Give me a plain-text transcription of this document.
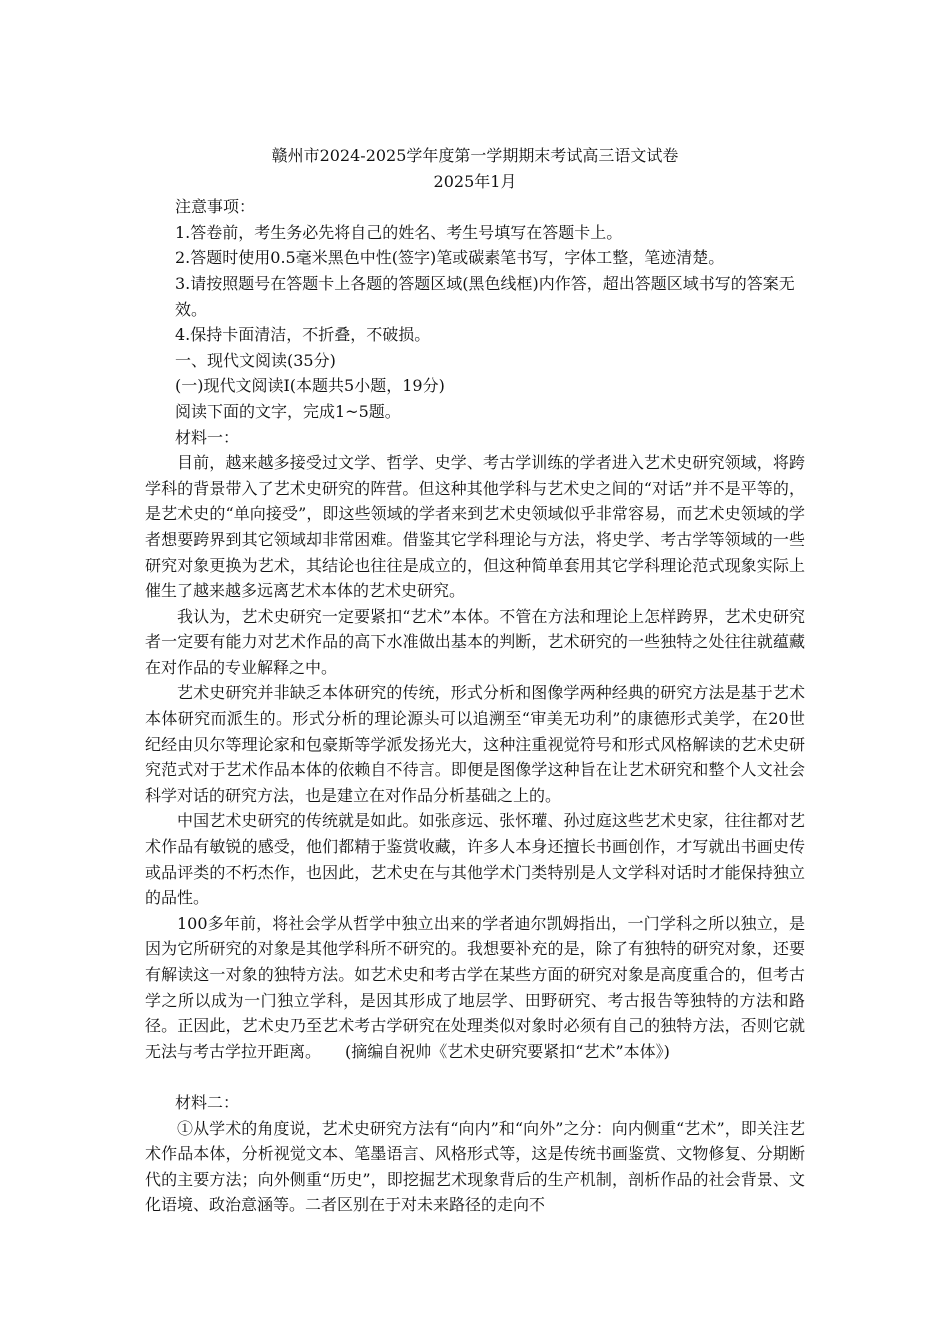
赣州市2024-2025学年度第一学期期末考试高三语文试卷

2025年1月

注意事项：

1.答卷前，考生务必先将自己的姓名、考生号填写在答题卡上。

2.答题时使用0.5毫米黑色中性(签字)笔或碳素笔书写，字体工整，笔迹清楚。

3.请按照题号在答题卡上各题的答题区域(黑色线框)内作答，超出答题区域书写的答案无效。

4.保持卡面清洁，不折叠，不破损。

一、现代文阅读(35分)

(一)现代文阅读Ⅰ(本题共5小题，19分)

阅读下面的文字，完成1~5题。

材料一：

目前，越来越多接受过文学、哲学、史学、考古学训练的学者进入艺术史研究领域，将跨学科的背景带入了艺术史研究的阵营。但这种其他学科与艺术史之间的“对话”并不是平等的，是艺术史的“单向接受”，即这些领域的学者来到艺术史领域似乎非常容易，而艺术史领域的学者想要跨界到其它领域却非常困难。借鉴其它学科理论与方法，将史学、考古学等领域的一些研究对象更换为艺术，其结论也往往是成立的，但这种简单套用其它学科理论范式现象实际上催生了越来越多远离艺术本体的艺术史研究。

我认为，艺术史研究一定要紧扣“艺术”本体。不管在方法和理论上怎样跨界，艺术史研究者一定要有能力对艺术作品的高下水准做出基本的判断，艺术研究的一些独特之处往往就蕴藏在对作品的专业解释之中。

艺术史研究并非缺乏本体研究的传统，形式分析和图像学两种经典的研究方法是基于艺术本体研究而派生的。形式分析的理论源头可以追溯至“审美无功利”的康德形式美学，在20世纪经由贝尔等理论家和包豪斯等学派发扬光大，这种注重视觉符号和形式风格解读的艺术史研究范式对于艺术作品本体的依赖自不待言。即便是图像学这种旨在让艺术研究和整个人文社会科学对话的研究方法，也是建立在对作品分析基础之上的。

中国艺术史研究的传统就是如此。如张彦远、张怀瓘、孙过庭这些艺术史家，往往都对艺术作品有敏锐的感受，他们都精于鉴赏收藏，许多人本身还擅长书画创作，才写就出书画史传或品评类的不朽杰作，也因此，艺术史在与其他学术门类特别是人文学科对话时才能保持独立的品性。

100多年前，将社会学从哲学中独立出来的学者迪尔凯姆指出，一门学科之所以独立，是因为它所研究的对象是其他学科所不研究的。我想要补充的是，除了有独特的研究对象，还要有解读这一对象的独特方法。如艺术史和考古学在某些方面的研究对象是高度重合的，但考古学之所以成为一门独立学科，是因其形成了地层学、田野研究、考古报告等独特的方法和路径。正因此，艺术史乃至艺术考古学研究在处理类似对象时必须有自己的独特方法，否则它就无法与考古学拉开距离。　　 (摘编自祝帅《艺术史研究要紧扣“艺术”本体》)

材料二：

①从学术的角度说，艺术史研究方法有“向内”和“向外”之分：向内侧重“艺术”，即关注艺术作品本体，分析视觉文本、笔墨语言、风格形式等，这是传统书画鉴赏、文物修复、分期断代的主要方法；向外侧重“历史”，即挖掘艺术现象背后的生产机制，剖析作品的社会背景、文化语境、政治意涵等。二者区别在于对未来路径的走向不
